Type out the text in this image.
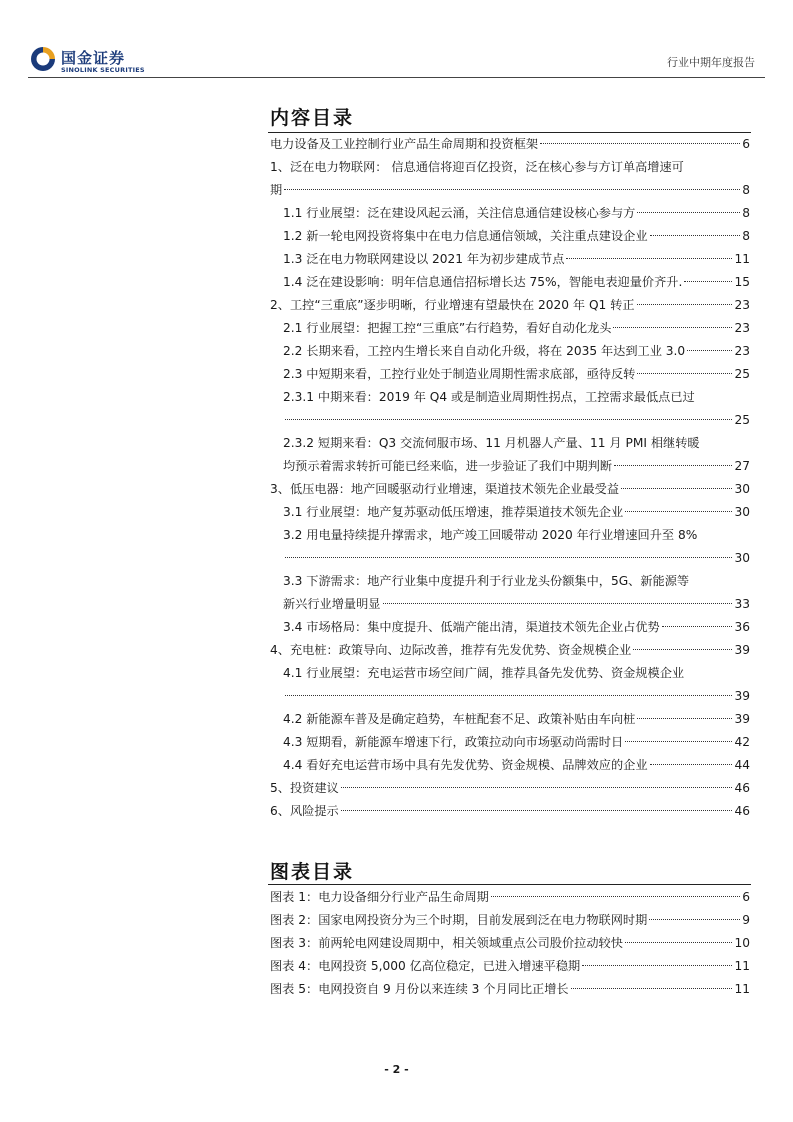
国金证券
SINOLINK SECURITIES
行业中期年度报告
内容目录
电力设备及工业控制行业产品生命周期和投资框架	6
1、泛在电力物联网： 信息通信将迎百亿投资，泛在核心参与方订单高增速可
期	8
1.1 行业展望：泛在建设风起云涌，关注信息通信建设核心参与方	8
1.2 新一轮电网投资将集中在电力信息通信领域，关注重点建设企业	8
1.3 泛在电力物联网建设以 2021 年为初步建成节点	11
1.4 泛在建设影响：明年信息通信招标增长达 75%，智能电表迎量价齐升.	15
2、工控“三重底”逐步明晰，行业增速有望最快在 2020 年 Q1 转正	23
2.1 行业展望：把握工控“三重底”右行趋势，看好自动化龙头	23
2.2 长期来看，工控内生增长来自自动化升级，将在 2035 年达到工业 3.0	23
2.3 中短期来看，工控行业处于制造业周期性需求底部，亟待反转	25
2.3.1 中期来看：2019 年 Q4 或是制造业周期性拐点，工控需求最低点已过
25
2.3.2 短期来看：Q3 交流伺服市场、11 月机器人产量、11 月 PMI 相继转暖
均预示着需求转折可能已经来临，进一步验证了我们中期判断	27
3、低压电器：地产回暖驱动行业增速，渠道技术领先企业最受益	30
3.1 行业展望：地产复苏驱动低压增速，推荐渠道技术领先企业	30
3.2 用电量持续提升撑需求，地产竣工回暖带动 2020 年行业增速回升至 8%
30
3.3 下游需求：地产行业集中度提升利于行业龙头份额集中，5G、新能源等
新兴行业增量明显	33
3.4 市场格局：集中度提升、低端产能出清，渠道技术领先企业占优势	36
4、充电桩：政策导向、边际改善，推荐有先发优势、资金规模企业	39
4.1 行业展望：充电运营市场空间广阔，推荐具备先发优势、资金规模企业
39
4.2 新能源车普及是确定趋势，车桩配套不足、政策补贴由车向桩	39
4.3 短期看，新能源车增速下行，政策拉动向市场驱动尚需时日	42
4.4 看好充电运营市场中具有先发优势、资金规模、品牌效应的企业	44
5、投资建议	46
6、风险提示	46
图表目录
图表 1：电力设备细分行业产品生命周期	6
图表 2：国家电网投资分为三个时期，目前发展到泛在电力物联网时期	9
图表 3：前两轮电网建设周期中，相关领域重点公司股价拉动较快	10
图表 4：电网投资 5,000 亿高位稳定，已进入增速平稳期	11
图表 5：电网投资自 9 月份以来连续 3 个月同比正增长	11
- 2 -
